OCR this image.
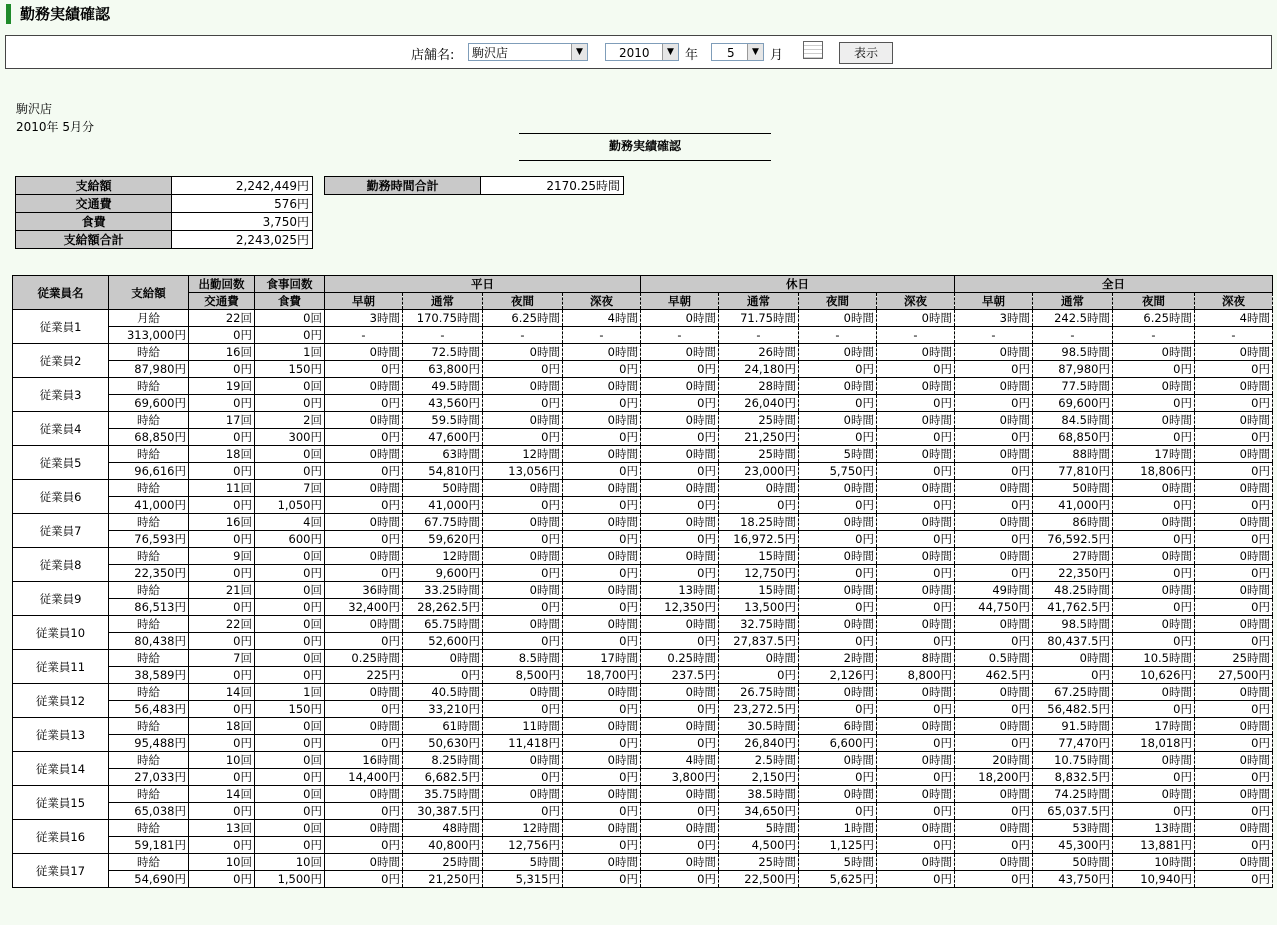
勤務実績確認
店舗名:	駒沢店	▼	2010	▼ 年	5	▼ 月	表示
駒沢店
2010年 5月分
勤務実績確認
支給額	2,242,449円
交通費	576円
食費	3,750円
支給額合計	2,243,025円
勤務時間合計	2170.25時間
従業員名	支給額	出勤回数	食事回数	平日				休日				全日			
		交通費	食費	早朝	通常	夜間	深夜	早朝	通常	夜間	深夜	早朝	通常	夜間	深夜
従業員1	月給	22回	0回	3時間	170.75時間	6.25時間	4時間	0時間	71.75時間	0時間	0時間	3時間	242.5時間	6.25時間	4時間
	313,000円	0円	0円	-	-	-	-	-	-	-	-	-	-	-	-
従業員2	時給	16回	1回	0時間	72.5時間	0時間	0時間	0時間	26時間	0時間	0時間	0時間	98.5時間	0時間	0時間
	87,980円	0円	150円	0円	63,800円	0円	0円	0円	24,180円	0円	0円	0円	87,980円	0円	0円
従業員3	時給	19回	0回	0時間	49.5時間	0時間	0時間	0時間	28時間	0時間	0時間	0時間	77.5時間	0時間	0時間
	69,600円	0円	0円	0円	43,560円	0円	0円	0円	26,040円	0円	0円	0円	69,600円	0円	0円
従業員4	時給	17回	2回	0時間	59.5時間	0時間	0時間	0時間	25時間	0時間	0時間	0時間	84.5時間	0時間	0時間
	68,850円	0円	300円	0円	47,600円	0円	0円	0円	21,250円	0円	0円	0円	68,850円	0円	0円
従業員5	時給	18回	0回	0時間	63時間	12時間	0時間	0時間	25時間	5時間	0時間	0時間	88時間	17時間	0時間
	96,616円	0円	0円	0円	54,810円	13,056円	0円	0円	23,000円	5,750円	0円	0円	77,810円	18,806円	0円
従業員6	時給	11回	7回	0時間	50時間	0時間	0時間	0時間	0時間	0時間	0時間	0時間	50時間	0時間	0時間
	41,000円	0円	1,050円	0円	41,000円	0円	0円	0円	0円	0円	0円	0円	41,000円	0円	0円
従業員7	時給	16回	4回	0時間	67.75時間	0時間	0時間	0時間	18.25時間	0時間	0時間	0時間	86時間	0時間	0時間
	76,593円	0円	600円	0円	59,620円	0円	0円	0円	16,972.5円	0円	0円	0円	76,592.5円	0円	0円
従業員8	時給	9回	0回	0時間	12時間	0時間	0時間	0時間	15時間	0時間	0時間	0時間	27時間	0時間	0時間
	22,350円	0円	0円	0円	9,600円	0円	0円	0円	12,750円	0円	0円	0円	22,350円	0円	0円
従業員9	時給	21回	0回	36時間	33.25時間	0時間	0時間	13時間	15時間	0時間	0時間	49時間	48.25時間	0時間	0時間
	86,513円	0円	0円	32,400円	28,262.5円	0円	0円	12,350円	13,500円	0円	0円	44,750円	41,762.5円	0円	0円
従業員10	時給	22回	0回	0時間	65.75時間	0時間	0時間	0時間	32.75時間	0時間	0時間	0時間	98.5時間	0時間	0時間
	80,438円	0円	0円	0円	52,600円	0円	0円	0円	27,837.5円	0円	0円	0円	80,437.5円	0円	0円
従業員11	時給	7回	0回	0.25時間	0時間	8.5時間	17時間	0.25時間	0時間	2時間	8時間	0.5時間	0時間	10.5時間	25時間
	38,589円	0円	0円	225円	0円	8,500円	18,700円	237.5円	0円	2,126円	8,800円	462.5円	0円	10,626円	27,500円
従業員12	時給	14回	1回	0時間	40.5時間	0時間	0時間	0時間	26.75時間	0時間	0時間	0時間	67.25時間	0時間	0時間
	56,483円	0円	150円	0円	33,210円	0円	0円	0円	23,272.5円	0円	0円	0円	56,482.5円	0円	0円
従業員13	時給	18回	0回	0時間	61時間	11時間	0時間	0時間	30.5時間	6時間	0時間	0時間	91.5時間	17時間	0時間
	95,488円	0円	0円	0円	50,630円	11,418円	0円	0円	26,840円	6,600円	0円	0円	77,470円	18,018円	0円
従業員14	時給	10回	0回	16時間	8.25時間	0時間	0時間	4時間	2.5時間	0時間	0時間	20時間	10.75時間	0時間	0時間
	27,033円	0円	0円	14,400円	6,682.5円	0円	0円	3,800円	2,150円	0円	0円	18,200円	8,832.5円	0円	0円
従業員15	時給	14回	0回	0時間	35.75時間	0時間	0時間	0時間	38.5時間	0時間	0時間	0時間	74.25時間	0時間	0時間
	65,038円	0円	0円	0円	30,387.5円	0円	0円	0円	34,650円	0円	0円	0円	65,037.5円	0円	0円
従業員16	時給	13回	0回	0時間	48時間	12時間	0時間	0時間	5時間	1時間	0時間	0時間	53時間	13時間	0時間
	59,181円	0円	0円	0円	40,800円	12,756円	0円	0円	4,500円	1,125円	0円	0円	45,300円	13,881円	0円
従業員17	時給	10回	10回	0時間	25時間	5時間	0時間	0時間	25時間	5時間	0時間	0時間	50時間	10時間	0時間
	54,690円	0円	1,500円	0円	21,250円	5,315円	0円	0円	22,500円	5,625円	0円	0円	43,750円	10,940円	0円
